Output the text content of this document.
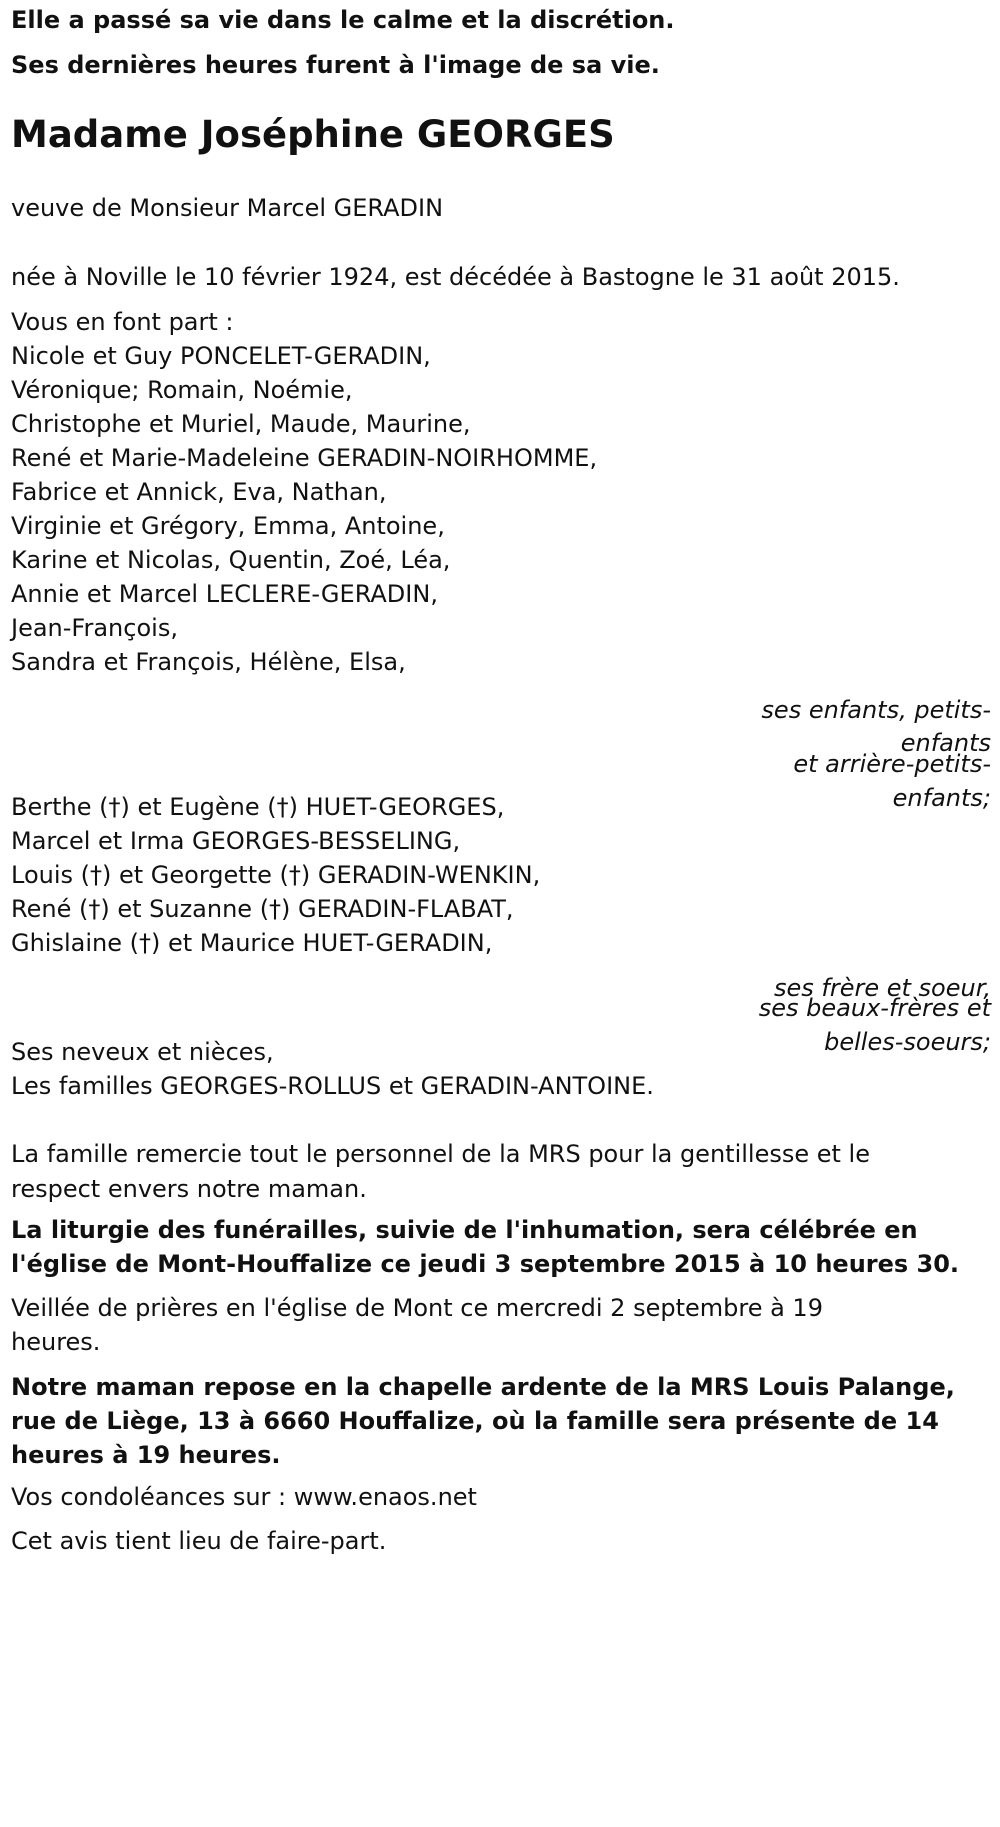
Elle a passé sa vie dans le calme et la discrétion.

Ses dernières heures furent à l'image de sa vie.

Madame Joséphine GEORGES

veuve de Monsieur Marcel GERADIN

née à Noville le 10 février 1924, est décédée à Bastogne le 31 août 2015.

Vous en font part :

Nicole et Guy PONCELET-GERADIN,

Véronique; Romain, Noémie,

Christophe et Muriel, Maude, Maurine,

René et Marie-Madeleine GERADIN-NOIRHOMME,

Fabrice et Annick, Eva, Nathan,

Virginie et Grégory, Emma, Antoine,

Karine et Nicolas, Quentin, Zoé, Léa,

Annie et Marcel LECLERE-GERADIN,

Jean-François,

Sandra et François, Hélène, Elsa,

ses enfants, petits-

enfants

et arrière-petits-

enfants;

Berthe (†) et Eugène (†) HUET-GEORGES,

Marcel et Irma GEORGES-BESSELING,

Louis (†) et Georgette (†) GERADIN-WENKIN,

René (†) et Suzanne (†) GERADIN-FLABAT,

Ghislaine (†) et Maurice HUET-GERADIN,

ses frère et soeur,

ses beaux-frères et

belles-soeurs;

Ses neveux et nièces,

Les familles GEORGES-ROLLUS et GERADIN-ANTOINE.

La famille remercie tout le personnel de la MRS pour la gentillesse et le

respect envers notre maman.

La liturgie des funérailles, suivie de l'inhumation, sera célébrée en

l'église de Mont-Houffalize ce jeudi 3 septembre 2015 à 10 heures 30.

Veillée de prières en l'église de Mont ce mercredi 2 septembre à 19

heures.

Notre maman repose en la chapelle ardente de la MRS Louis Palange,

rue de Liège, 13 à 6660 Houffalize, où la famille sera présente de 14

heures à 19 heures.

Vos condoléances sur : www.enaos.net

Cet avis tient lieu de faire-part.
